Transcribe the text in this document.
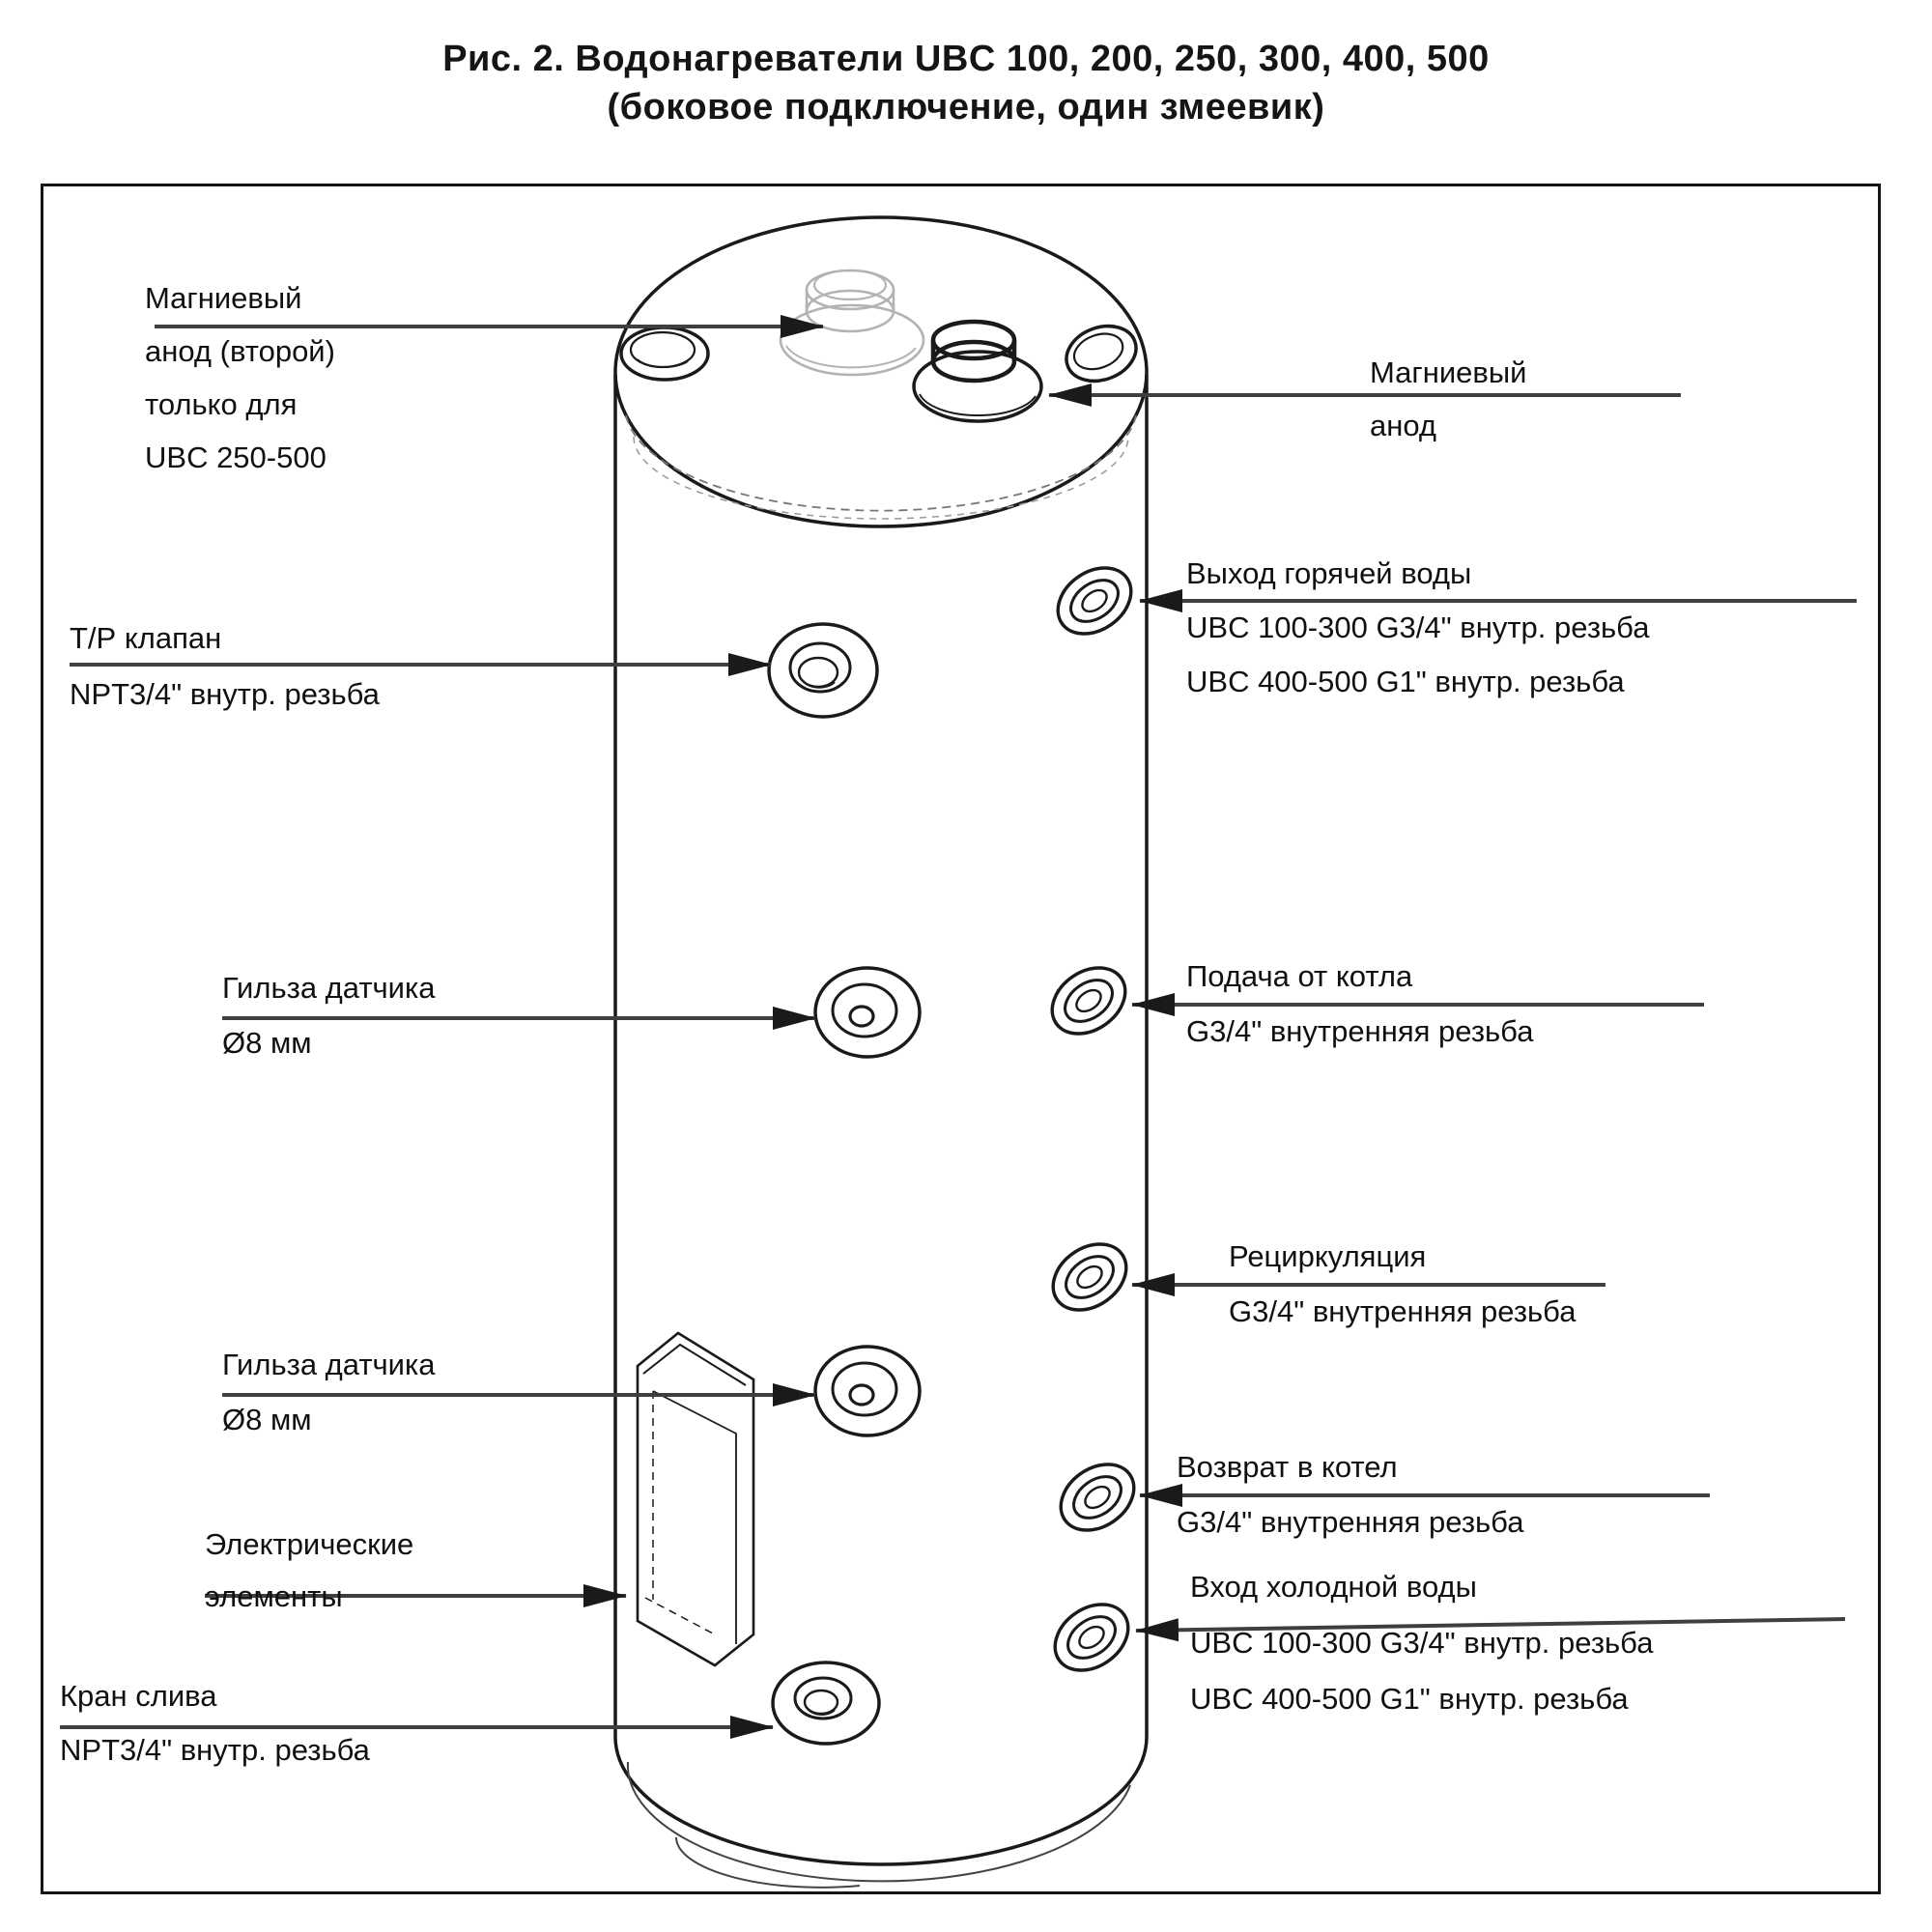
Рис. 2. Водонагреватели UBC 100, 200, 250, 300, 400, 500
(боковое подключение, один змеевик)
Магниевый
анод (второй)
только для
UBC 250-500
Т/Р клапан
NPT3/4" внутр. резьба
Гильза датчика
Ø8 мм
Гильза датчика
Ø8 мм
Электрические
элементы
Кран слива
NPT3/4" внутр. резьба
Магниевый
анод
Выход горячей воды
UBC 100-300 G3/4" внутр. резьба
UBC 400-500 G1" внутр. резьба
Подача от котла
G3/4" внутренняя резьба
Рециркуляция
G3/4" внутренняя резьба
Возврат в котел
G3/4" внутренняя резьба
Вход холодной воды
UBC 100-300 G3/4" внутр. резьба
UBC 400-500 G1" внутр. резьба
